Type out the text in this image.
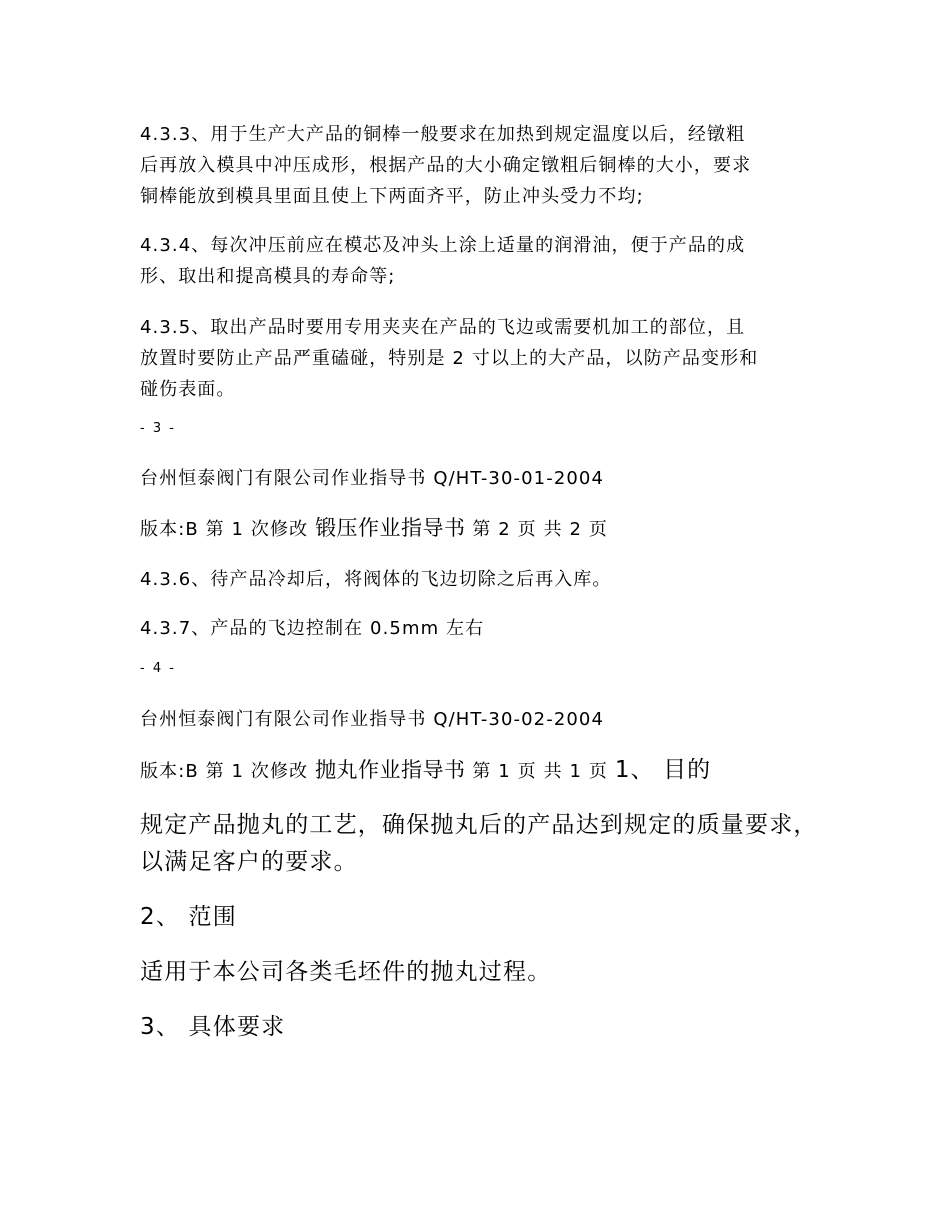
4.3.3、用于生产大产品的铜棒一般要求在加热到规定温度以后，经镦粗

后再放入模具中冲压成形，根据产品的大小确定镦粗后铜棒的大小，要求

铜棒能放到模具里面且使上下两面齐平，防止冲头受力不均;

4.3.4、每次冲压前应在模芯及冲头上涂上适量的润滑油，便于产品的成

形、取出和提高模具的寿命等;

4.3.5、取出产品时要用专用夹夹在产品的飞边或需要机加工的部位，且

放置时要防止产品严重磕碰，特别是 2 寸以上的大产品，以防产品变形和

碰伤表面。

- 3 -

台州恒泰阀门有限公司作业指导书 Q/HT-30-01-2004

版本:B 第 1 次修改 锻压作业指导书 第 2 页 共 2 页

4.3.6、待产品冷却后，将阀体的飞边切除之后再入库。

4.3.7、产品的飞边控制在 0.5mm 左右

- 4 -

台州恒泰阀门有限公司作业指导书 Q/HT-30-02-2004

版本:B 第 1 次修改 抛丸作业指导书 第 1 页 共 1 页 1、 目的

规定产品抛丸的工艺，确保抛丸后的产品达到规定的质量要求，

以满足客户的要求。

2、 范围

适用于本公司各类毛坯件的抛丸过程。

3、 具体要求
